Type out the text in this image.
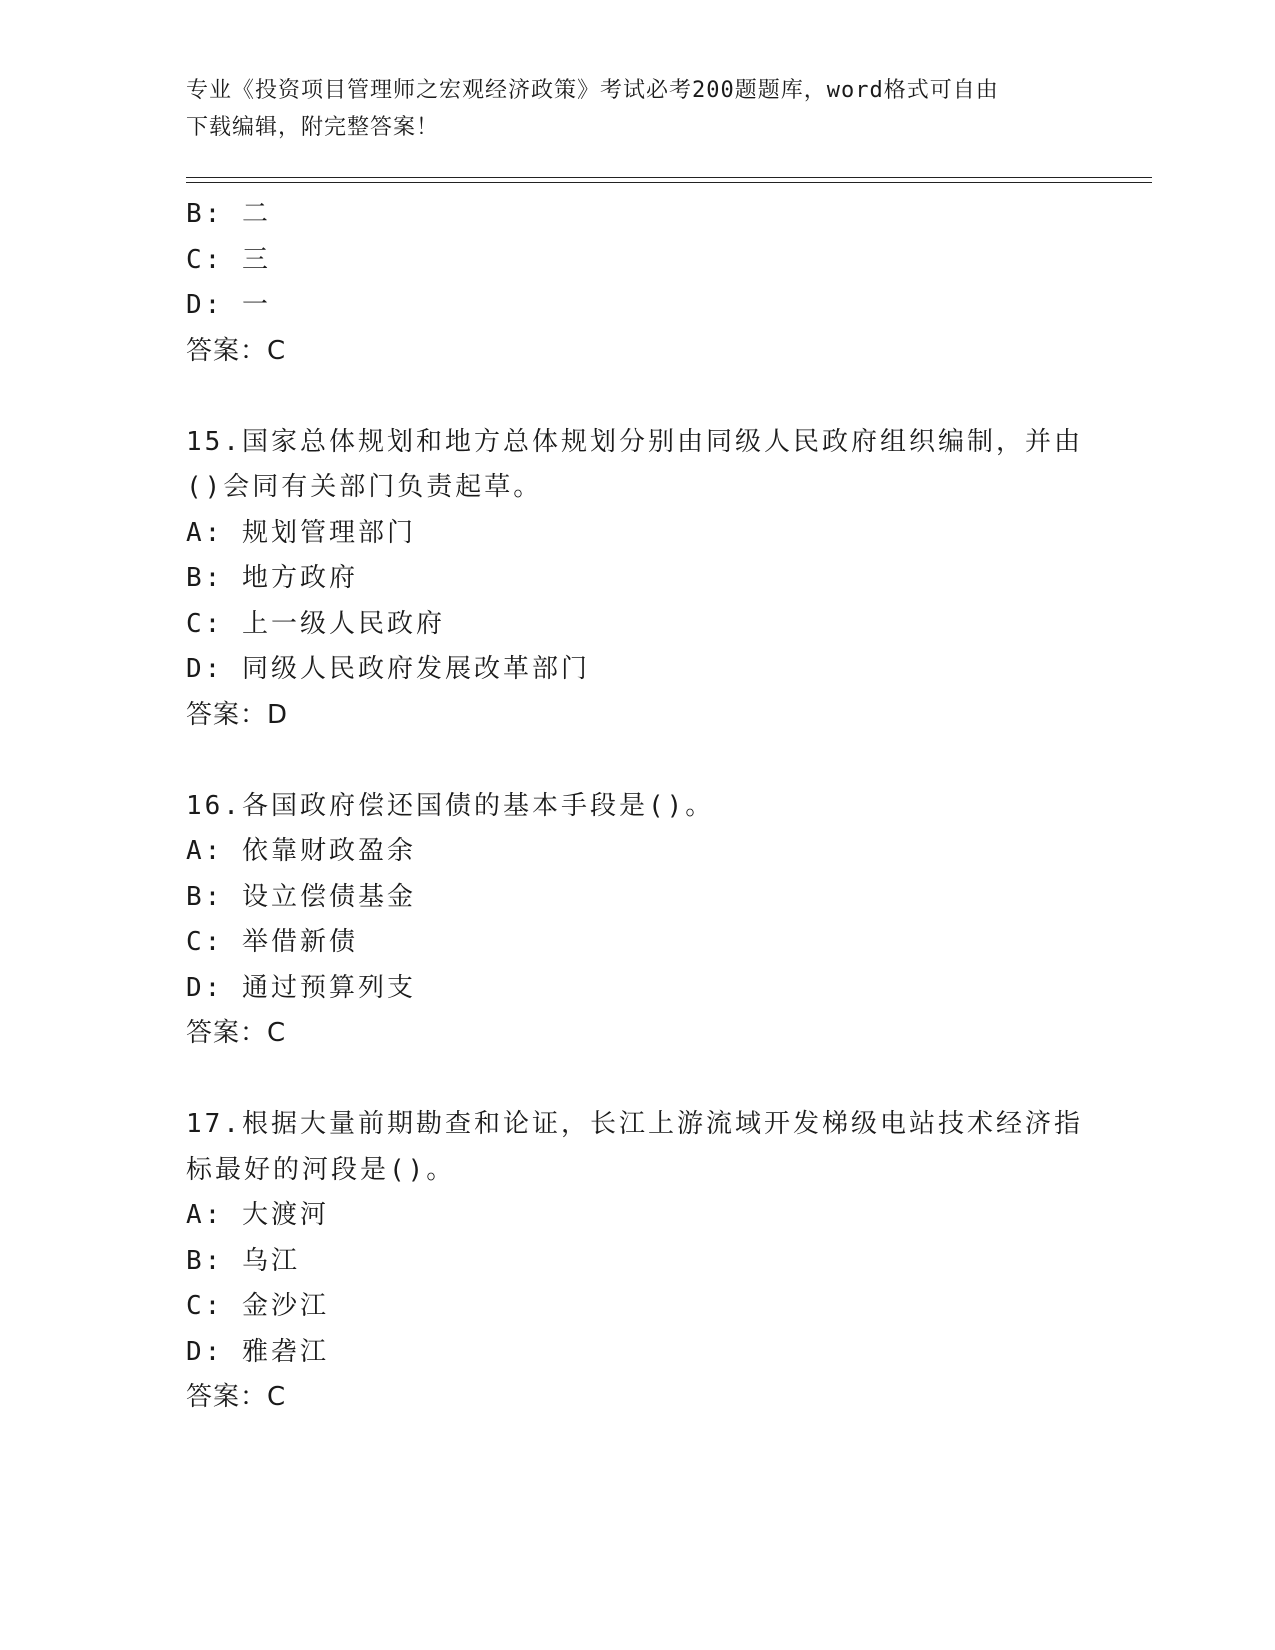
专业《投资项目管理师之宏观经济政策》考试必考200题题库，word格式可自由
下载编辑，附完整答案！
B: 二
C: 三
D: 一
答案：C
15.国家总体规划和地方总体规划分别由同级人民政府组织编制，并由
()会同有关部门负责起草。
A: 规划管理部门
B: 地方政府
C: 上一级人民政府
D: 同级人民政府发展改革部门
答案：D
16.各国政府偿还国债的基本手段是()。
A: 依靠财政盈余
B: 设立偿债基金
C: 举借新债
D: 通过预算列支
答案：C
17.根据大量前期勘查和论证，长江上游流域开发梯级电站技术经济指
标最好的河段是()。
A: 大渡河
B: 乌江
C: 金沙江
D: 雅砻江
答案：C
